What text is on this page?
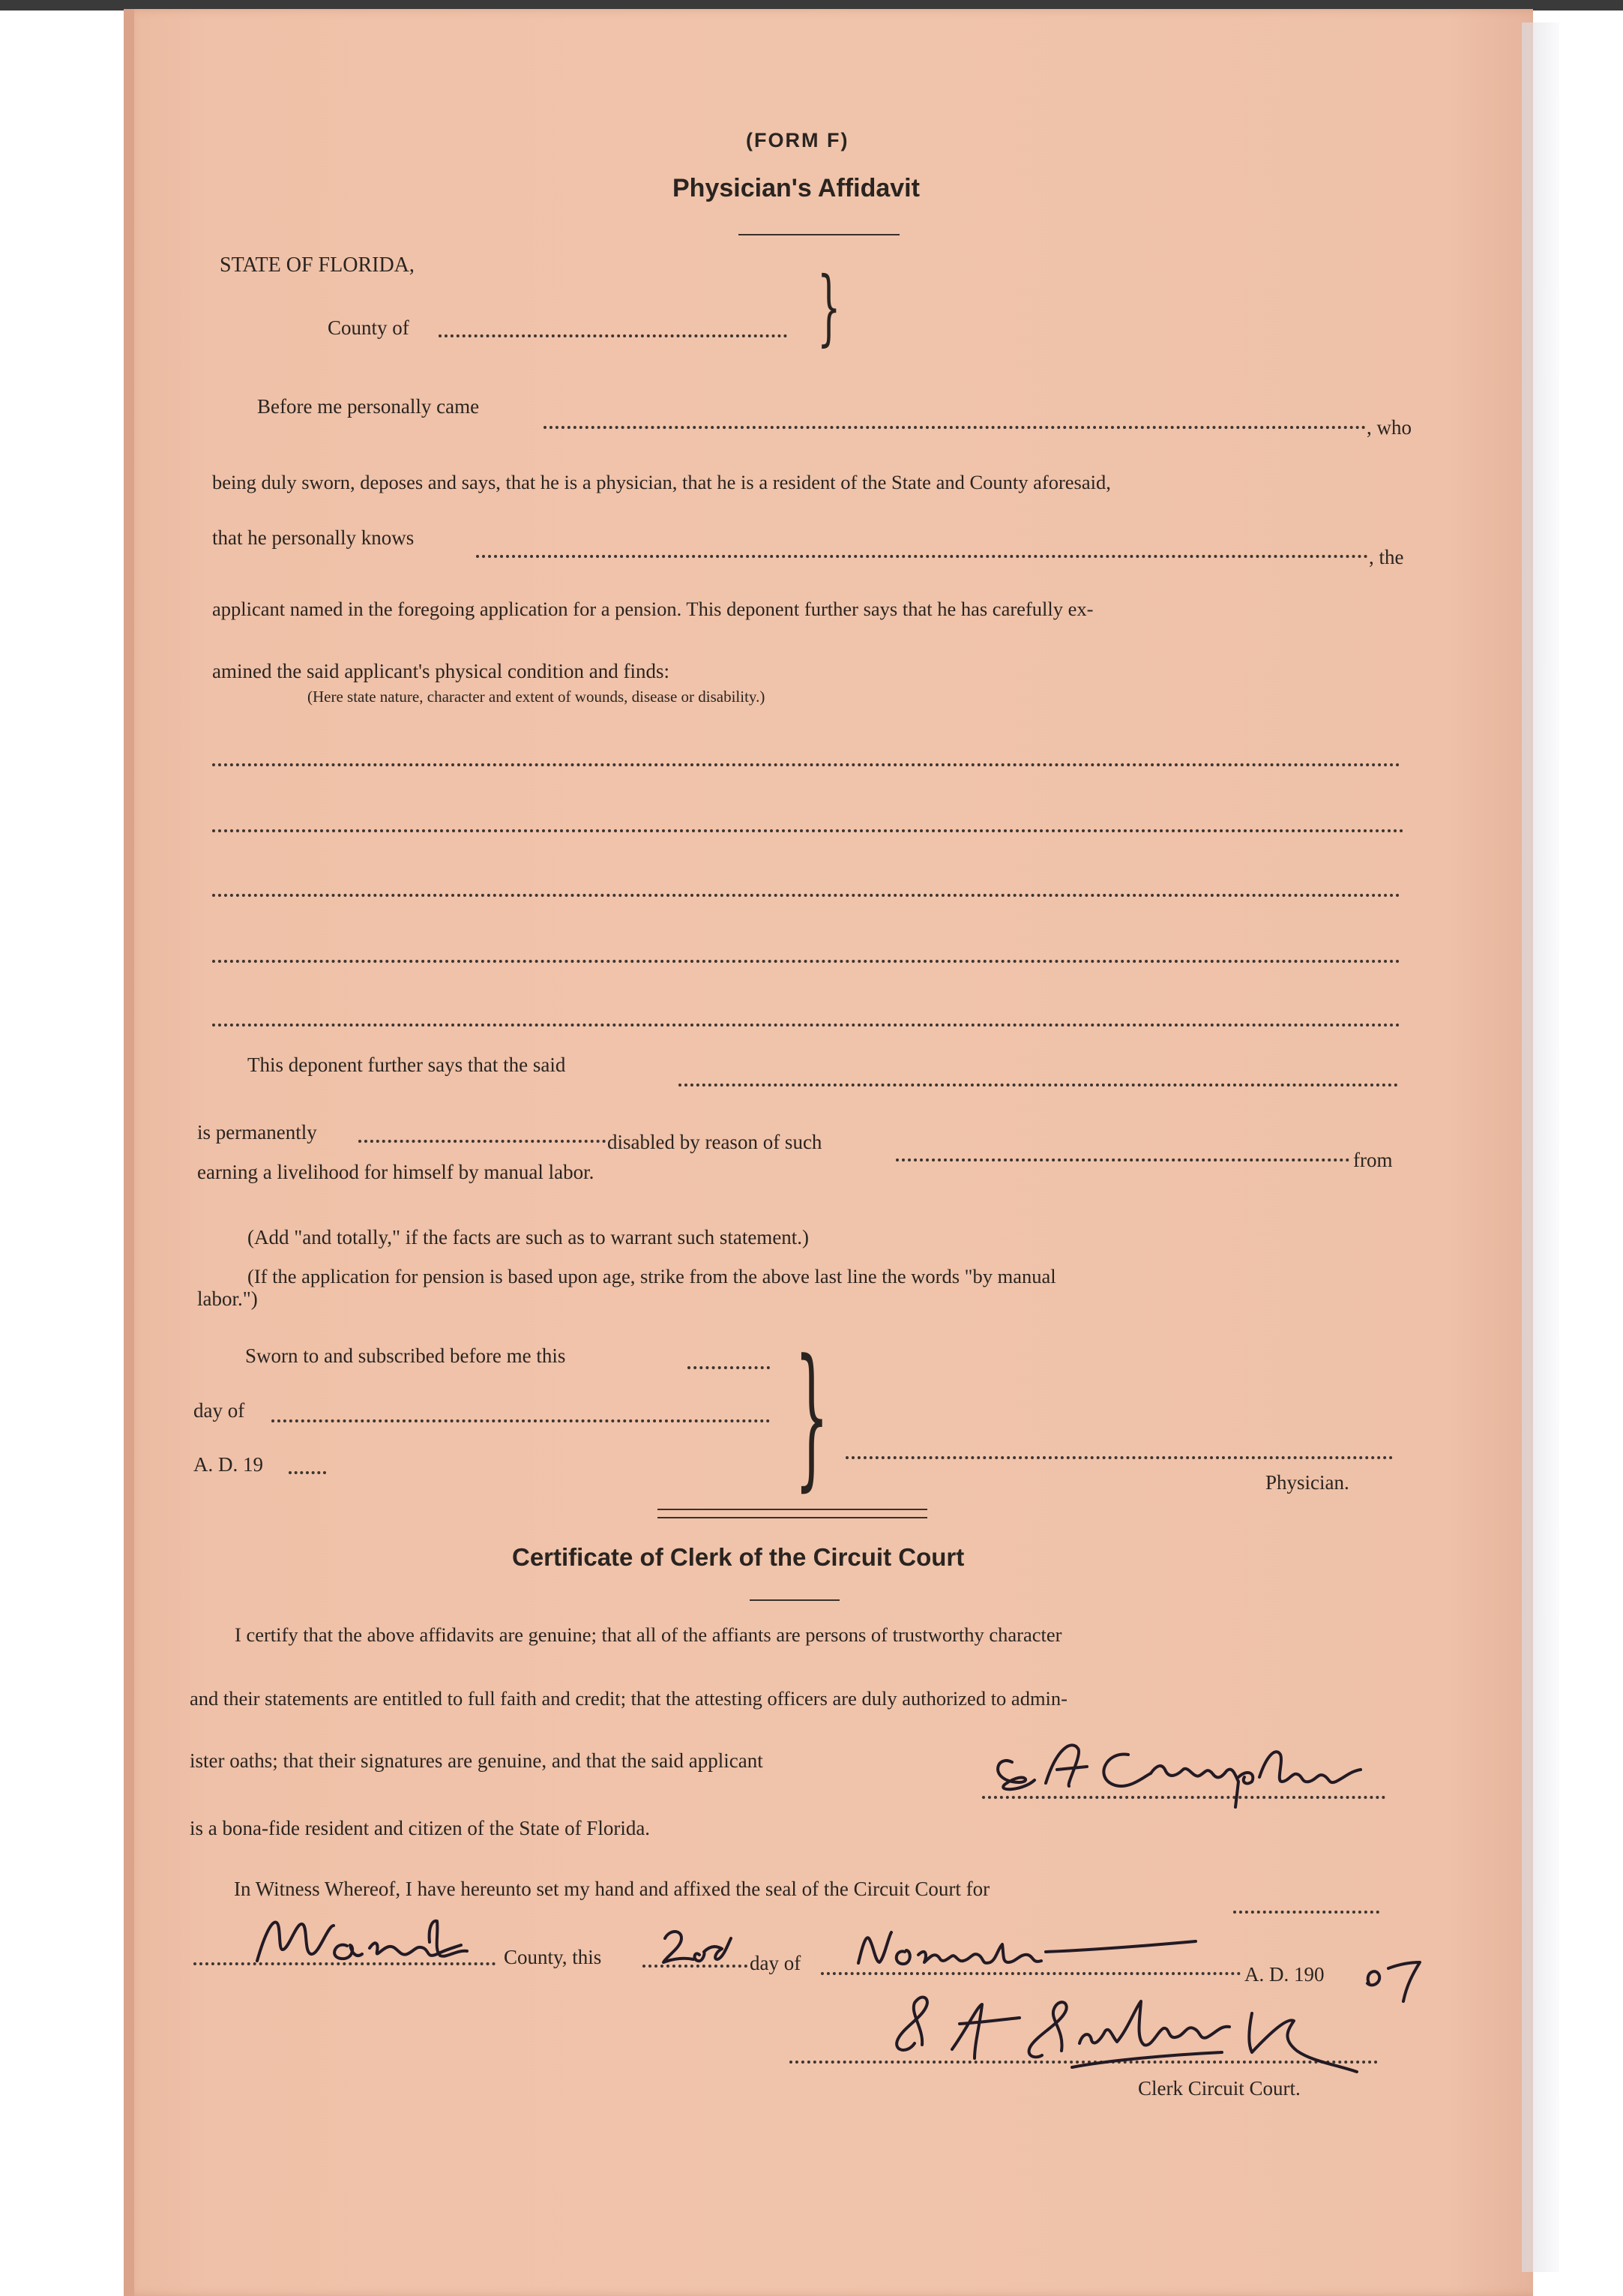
(FORM F)
Physician's Affidavit
STATE OF FLORIDA,
County of	}
Before me personally came
, who
being duly sworn, deposes and says, that he is a physician, that he is a resident of the State and County aforesaid,
that he personally knows
, the
applicant named in the foregoing application for a pension. This deponent further says that he has carefully ex-
amined the said applicant's physical condition and finds:
(Here state nature, character and extent of wounds, disease or disability.)
This deponent further says that the said
is permanently	disabled by reason of such
from
earning a livelihood for himself by manual labor.
(Add "and totally," if the facts are such as to warrant such statement.)
(If the application for pension is based upon age, strike from the above last line the words "by manual
labor.")
Sworn to and subscribed before me this
day of
A. D. 19	}	Physician.
Certificate of Clerk of the Circuit Court
I certify that the above affidavits are genuine; that all of the affiants are persons of trustworthy character
and their statements are entitled to full faith and credit; that the attesting officers are duly authorized to admin-
ister oaths; that their signatures are genuine, and that the said applicant
is a bona-fide resident and citizen of the State of Florida.
In Witness Whereof, I have hereunto set my hand and affixed the seal of the Circuit Court for
County, this	day of	A. D. 190
Clerk Circuit Court.
